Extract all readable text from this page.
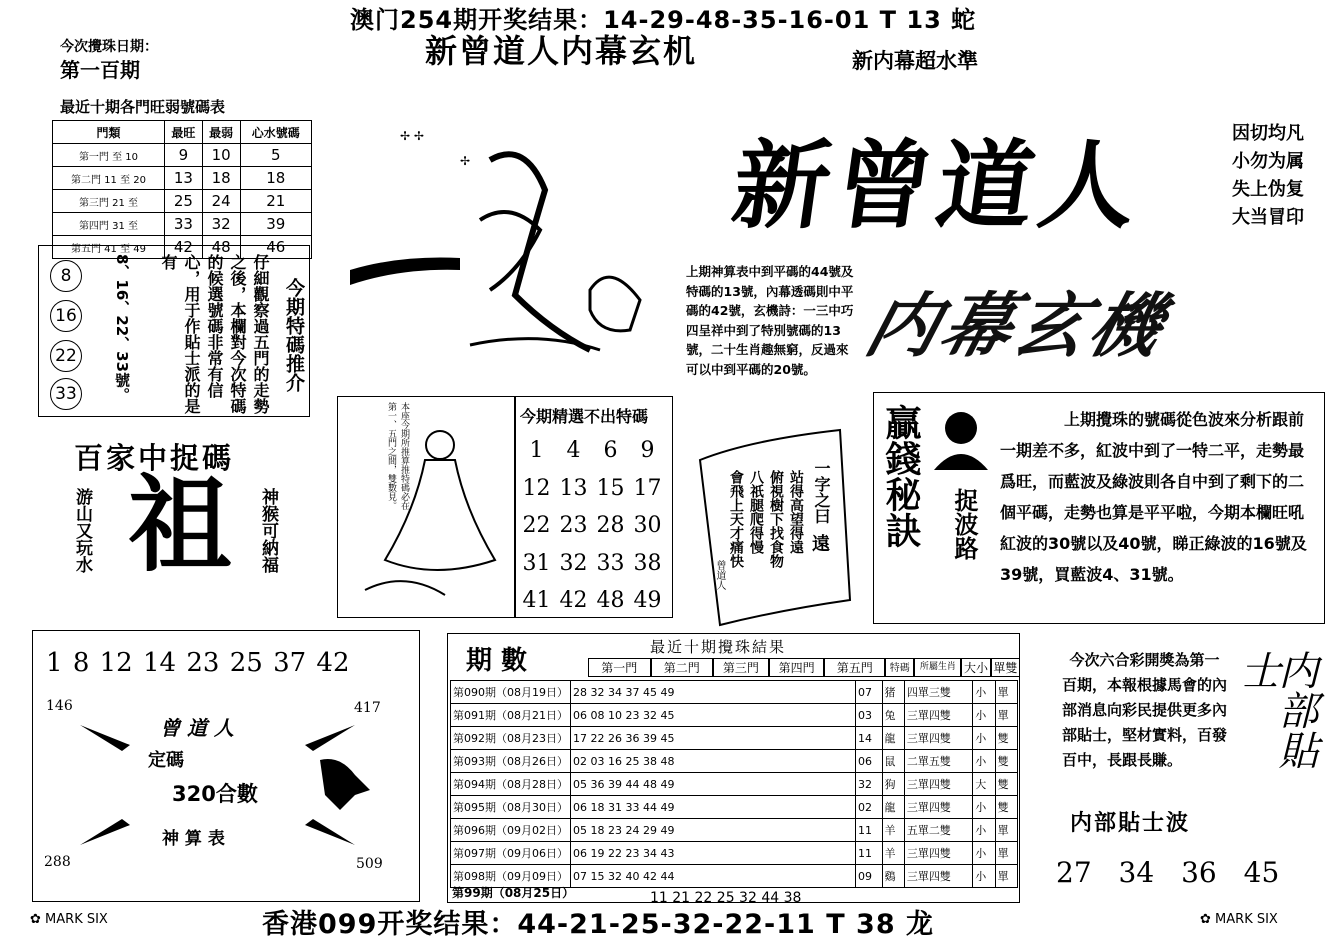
澳门254期开奖结果：14-29-48-35-16-01 T 13 蛇
新曾道人内幕玄机	新内幕超水準
今次攪珠日期：
第一百期
最近十期各門旺弱號碼表
門類	最旺	最弱	心水號碼
第一門 至 10	9	10	5
第二門 11 至 20	13	18	18
第三門 21 至	25	24	21
第四門 31 至	33	32	39
第五門 41 至 49	42	48	46
8
16
22
33	8、16、22、33號。	仔細觀察過五門的走勢之後，本欄對今次特碼的候選號碼非常有信心，用于作貼士派的是有
今期特碼推介
✢ ✢
✢	新曾道人	因切均凡
小勿为属
失上伪复
大当冒印
内幕玄機
上期神算表中到平碼的44號及特碼的13號，內幕透碼則中平碼的42號，玄機詩：一三中巧四呈祥中到了特別號碼的13號，二十生肖趣無窮，反過來可以中到平碼的20號。
百家中捉碼
祖
游山又玩水	神猴可納福
本座今期所推算推特碼必在第一、五門之間，雙數見。	今期精選不出特碼
1 4 6 9
12 13 15 17
22 23 28 30
31 32 33 38
41 42 48 49
一字之曰
遠
站得高望得遠
俯視樹下找食物
八祇腿爬得慢
會飛上天才痛快
曾道人
贏錢秘訣 捉波路
上期攪珠的號碼從色波來分析跟前一期差不多，紅波中到了一特二平，走勢最爲旺，而藍波及綠波則各自中到了剩下的二個平碼，走勢也算是平平啦，今期本欄旺吼紅波的30號以及40號，睇正綠波的16號及39號，買藍波4、31號。
1 8 12 14 23 25 37 42
146	417
288	509
曾 道 人
定碼
320合數
神 算 表
期 數	最近十期攪珠結果
第一門	第二門	第三門	第四門	第五門	特碼	所屬生肖 大小 單雙
第090期（08月19日）	28 32 34 37 45 49	07	猪	四單三雙	小	單
第091期（08月21日）	06 08 10 23 32 45	03	兔	三單四雙	小	單
第092期（08月23日）	17 22 26 36 39 45	14	龍	三單四雙	小	雙
第093期（08月26日）	02 03 16 25 38 48	06	鼠	二單五雙	小	雙
第094期（08月28日）	05 36 39 44 48 49	32	狗	三單四雙	大	雙
第095期（08月30日）	06 18 31 33 44 49	02	龍	三單四雙	小	雙
第096期（09月02日）	05 18 23 24 29 49	11	羊	五單二雙	小	單
第097期（09月06日）	06 19 22 23 34 43	11	羊	三單四雙	小	單
第098期（09月09日）	07 15 32 40 42 44	09	鷄	三單四雙	小	單
第99期（08月25日）	11 21 22 25 32 44 38
今次六合彩開獎為第一百期，本報根據馬會的內部消息向彩民提供更多內部貼士，堅材實料，百發百中，長跟長賺。	内部貼士
内部貼士波
27 34 36 45
✿ MARK SIX	香港099开奖结果：44-21-25-32-22-11 T 38 龙	✿ MARK SIX
